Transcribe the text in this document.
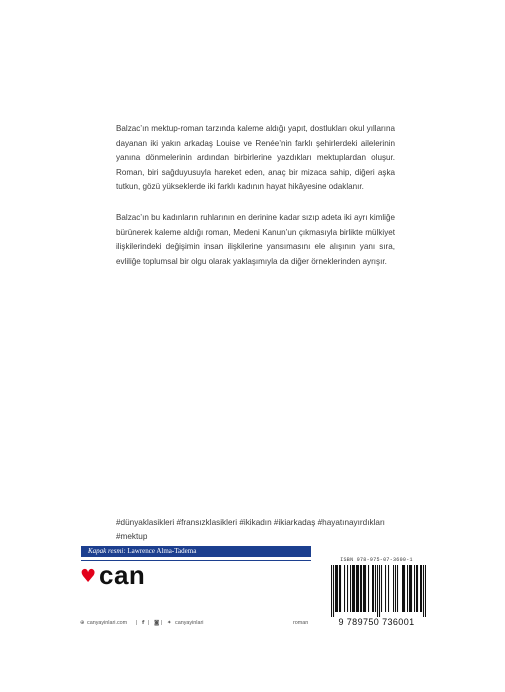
Balzac’ın mektup-roman tarzında kaleme aldığı yapıt, dostlukları okul yıllarına dayanan iki yakın arkadaş Louise ve Renée’nin farklı şehirlerdeki ailelerinin yanına dönmelerinin ardından birbirlerine yazdıkları mektuplardan oluşur. Roman, biri sağduyusuyla hareket eden, anaç bir mizaca sahip, diğeri aşka tutkun, gözü yükseklerde iki farklı kadının hayat hikâyesine odaklanır.

Balzac’ın bu kadınların ruhlarının en derinine kadar sızıp adeta iki ayrı kimliğe bürünerek kaleme aldığı roman, Medeni Kanun’un çıkmasıyla birlikte mülkiyet ilişkilerindeki değişimin insan ilişkilerine yansımasını ele alışının yanı sıra, evliliğe toplumsal bir olgu olarak yaklaşımıyla da diğer örneklerinden ayrışır.

#dünyaklasikleri #fransızklasikleri #ikikadın #ikiarkadaş #hayatınayırdıkları #mektup

Kapak resmi: Lawrence Alma-Tadema
♥ can
⊕ canyayinlari.com | f | ◙ | ✦ canyayinlari	roman
ISBN 978-975-07-3600-1
9 789750 736001
